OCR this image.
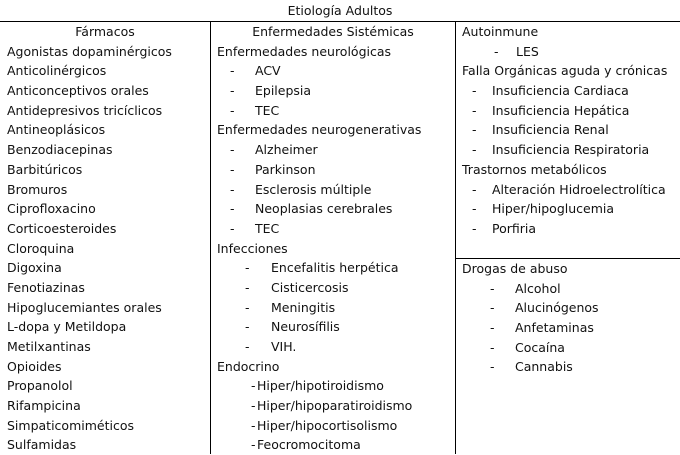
Etiología Adultos
Fármacos
Agonistas dopaminérgicos
Anticolinérgicos
Anticonceptivos orales
Antidepresivos tricíclicos
Antineoplásicos
Benzodiacepinas
Barbitúricos
Bromuros
Ciprofloxacino
Corticoesteroides
Cloroquina
Digoxina
Fenotiazinas
Hipoglucemiantes orales
L-dopa y Metildopa
Metilxantinas
Opioides
Propanolol
Rifampicina
Simpaticomiméticos
Sulfamidas
Enfermedades Sistémicas
Enfermedades neurológicas
- ACV
- Epilepsia
- TEC
Enfermedades neurogenerativas
- Alzheimer
- Parkinson
- Esclerosis múltiple
- Neoplasias cerebrales
- TEC
Infecciones
- Encefalitis herpética
- Cisticercosis
- Meningitis
- Neurosífilis
- VIH.
Endocrino
- Hiper/hipotiroidismo
- Hiper/hipoparatiroidismo
- Hiper/hipocortisolismo
- Feocromocitoma
Autoinmune
- LES
Falla Orgánicas aguda y crónicas
- Insuficiencia Cardiaca
- Insuficiencia Hepática
- Insuficiencia Renal
- Insuficiencia Respiratoria
Trastornos metabólicos
- Alteración Hidroelectrolítica
- Hiper/hipoglucemia
- Porfiria
Drogas de abuso
- Alcohol
- Alucinógenos
- Anfetaminas
- Cocaína
- Cannabis
